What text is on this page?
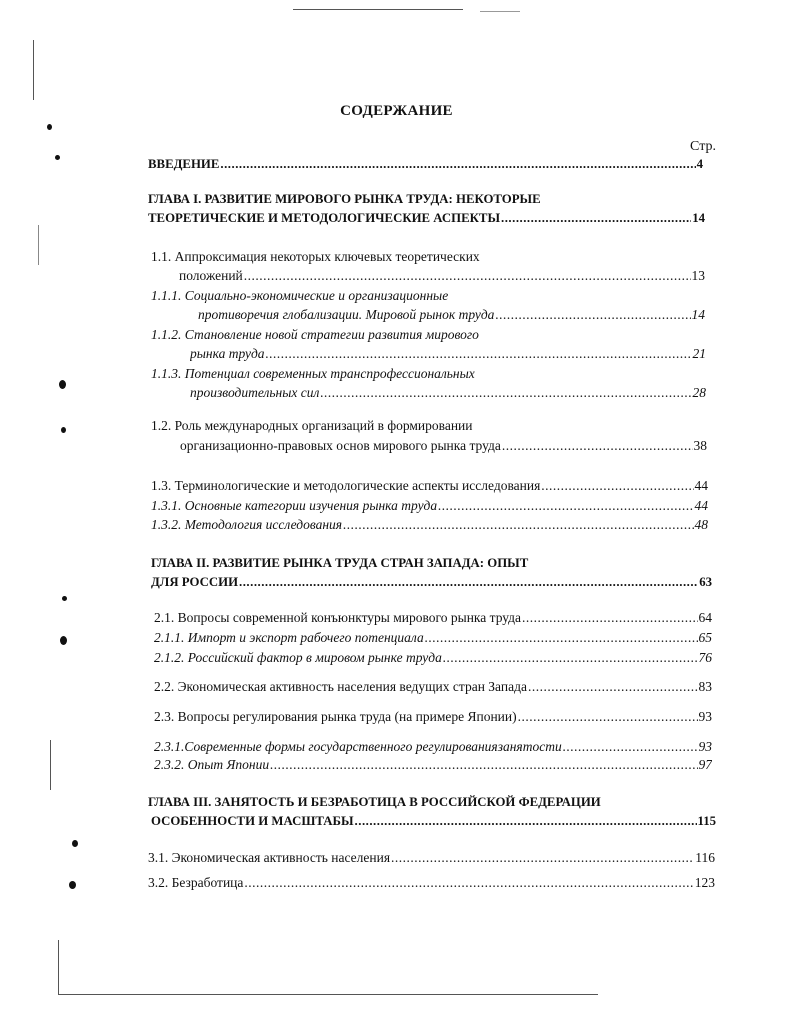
СОДЕРЖАНИЕ
Стр.
ВВЕДЕНИЕ .....	4
ГЛАВА I. РАЗВИТИЕ МИРОВОГО РЫНКА ТРУДА: НЕКОТОРЫЕ
ТЕОРЕТИЧЕСКИЕ И МЕТОДОЛОГИЧЕСКИЕ АСПЕКТЫ .....	14
1.1. Аппроксимация некоторых ключевых теоретических
положений .....	13
1.1.1. Социально-экономические и организационные
противоречия глобализации. Мировой рынок труда .....	14
1.1.2. Становление новой стратегии развития мирового
рынка труда .....	21
1.1.3. Потенциал современных транспрофессиональных
производительных сил .....	28
1.2. Роль международных организаций в формировании
организационно-правовых основ мирового рынка труда .....	38
1.3. Терминологические и методологические аспекты исследования .....	44
1.3.1. Основные категории изучения рынка труда .....	44
1.3.2. Методология исследования .....	48
ГЛАВА II. РАЗВИТИЕ РЫНКА ТРУДА СТРАН ЗАПАДА: ОПЫТ
ДЛЯ РОССИИ .....	63
2.1. Вопросы современной конъюнктуры мирового рынка труда .....	64
2.1.1. Импорт и экспорт рабочего потенциала .....	65
2.1.2. Российский фактор в мировом рынке труда .....	76
2.2. Экономическая активность населения ведущих стран Запада .....	83
2.3. Вопросы регулирования рынка труда (на примере Японии) .....	93
2.3.1.Современные формы государственного регулированиязанятости .....	93
2.3.2. Опыт Японии .....	97
ГЛАВА III. ЗАНЯТОСТЬ И БЕЗРАБОТИЦА В РОССИЙСКОЙ ФЕДЕРАЦИИ
ОСОБЕННОСТИ И МАСШТАБЫ .....	115
3.1. Экономическая активность населения .....	116
3.2. Безработица .....	123
